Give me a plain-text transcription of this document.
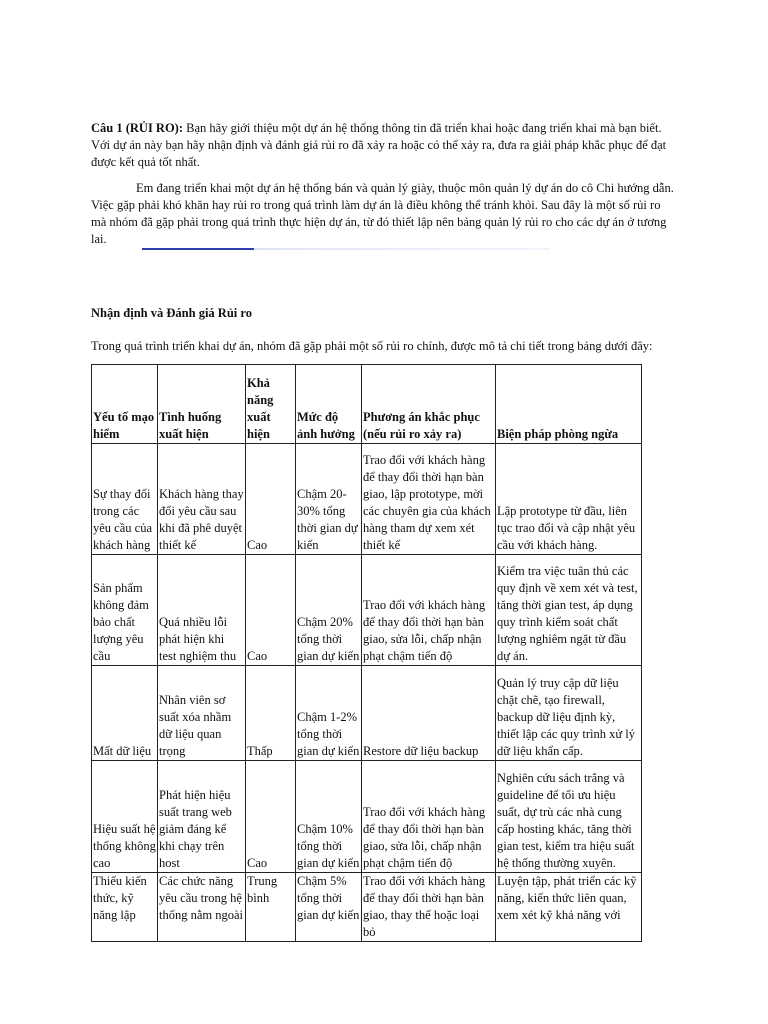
Câu 1 (RỦI RO): Bạn hãy giới thiệu một dự án hệ thống thông tin đã triển khai hoặc đang triển khai mà bạn biết. Với dự án này bạn hãy nhận định và đánh giá rủi ro đã xảy ra hoặc có thể xảy ra, đưa ra giải pháp khắc phục để đạt được kết quả tốt nhất.

Em đang triển khai một dự án hệ thống bán và quản lý giày, thuộc môn quản lý dự án do cô Chi hướng dẫn. Việc gặp phải khó khăn hay rủi ro trong quá trình làm dự án là điều không thể tránh khỏi. Sau đây là một số rủi ro mà nhóm đã gặp phải trong quá trình thực hiện dự án, từ đó thiết lập nên bảng quản lý rủi ro cho các dự án ở tương lai.

Nhận định và Đánh giá Rủi ro

Trong quá trình triển khai dự án, nhóm đã gặp phải một số rủi ro chính, được mô tả chi tiết trong bảng dưới đây:

Yếu tố mạo hiểm	Tình huống xuất hiện	Khả năng xuất hiện	Mức độ ảnh hưởng	Phương án khắc phục (nếu rủi ro xảy ra)	Biện pháp phòng ngừa
Sự thay đổi trong các yêu cầu của khách hàng	Khách hàng thay đổi yêu cầu sau khi đã phê duyệt thiết kế	Cao	Chậm 20-30% tổng thời gian dự kiến	Trao đổi với khách hàng để thay đổi thời hạn bàn giao, lập prototype, mời các chuyên gia của khách hàng tham dự xem xét thiết kế	Lập prototype từ đầu, liên tục trao đổi và cập nhật yêu cầu với khách hàng.
Sản phẩm không đảm bảo chất lượng yêu cầu	Quá nhiều lỗi phát hiện khi test nghiệm thu	Cao	Chậm 20% tổng thời gian dự kiến	Trao đổi với khách hàng để thay đổi thời hạn bàn giao, sửa lỗi, chấp nhận phạt chậm tiến độ	Kiểm tra việc tuân thủ các quy định về xem xét và test, tăng thời gian test, áp dụng quy trình kiểm soát chất lượng nghiêm ngặt từ đầu dự án.
Mất dữ liệu	Nhân viên sơ suất xóa nhầm dữ liệu quan trọng	Thấp	Chậm 1-2% tổng thời gian dự kiến	Restore dữ liệu backup	Quản lý truy cập dữ liệu chặt chẽ, tạo firewall, backup dữ liệu định kỳ, thiết lập các quy trình xử lý dữ liệu khẩn cấp.
Hiệu suất hệ thống không cao	Phát hiện hiệu suất trang web giảm đáng kể khi chạy trên host	Cao	Chậm 10% tổng thời gian dự kiến	Trao đổi với khách hàng để thay đổi thời hạn bàn giao, sửa lỗi, chấp nhận phạt chậm tiến độ	Nghiên cứu sách trắng và guideline để tối ưu hiệu suất, dự trù các nhà cung cấp hosting khác, tăng thời gian test, kiểm tra hiệu suất hệ thống thường xuyên.
Thiếu kiến thức, kỹ năng lập	Các chức năng yêu cầu trong hệ thống nằm ngoài	Trung bình	Chậm 5% tổng thời gian dự kiến	Trao đổi với khách hàng để thay đổi thời hạn bàn giao, thay thế hoặc loại bỏ	Luyện tập, phát triển các kỹ năng, kiến thức liên quan, xem xét kỹ khả năng với
